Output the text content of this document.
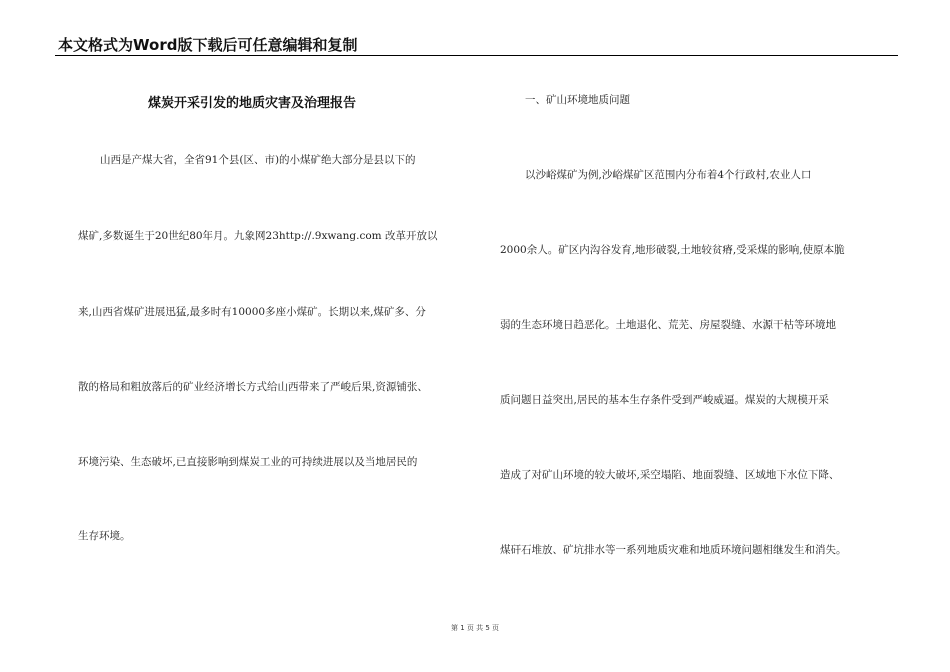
本文格式为Word版下载后可任意编辑和复制
煤炭开采引发的地质灾害及治理报告
山西是产煤大省，全省91个县(区、市)的小煤矿绝大部分是县以下的
煤矿,多数诞生于20世纪80年月。九象网23http://.9xwang.com 改革开放以
来,山西省煤矿进展迅猛,最多时有10000多座小煤矿。长期以来,煤矿多、分
散的格局和粗放落后的矿业经济增长方式给山西带来了严峻后果,资源铺张、
环境污染、生态破坏,已直接影响到煤炭工业的可持续进展以及当地居民的
生存环境。
一、矿山环境地质问题
以沙峪煤矿为例,沙峪煤矿区范围内分布着4个行政村,农业人口
2000余人。矿区内沟谷发育,地形破裂,土地较贫瘠,受采煤的影响,使原本脆
弱的生态环境日趋恶化。土地退化、荒芜、房屋裂缝、水源干枯等环境地
质问题日益突出,居民的基本生存条件受到严峻威逼。煤炭的大规模开采
造成了对矿山环境的较大破坏,采空塌陷、地面裂缝、区域地下水位下降、
煤矸石堆放、矿坑排水等一系列地质灾难和地质环境问题相继发生和消失。
第 1 页 共 5 页
